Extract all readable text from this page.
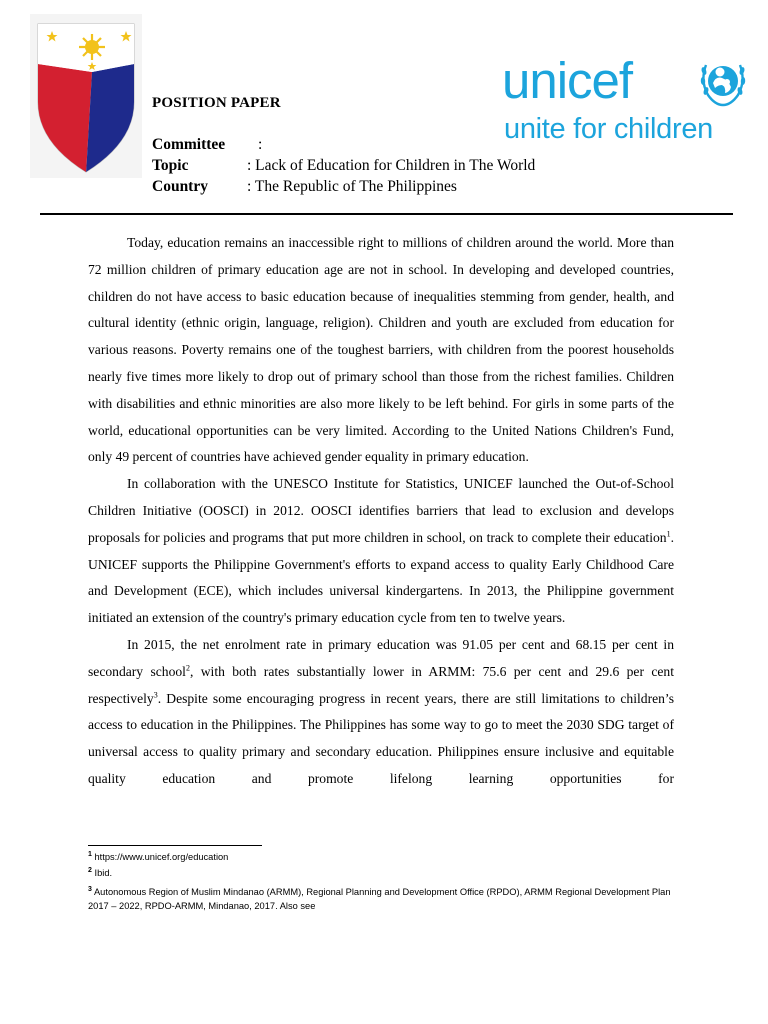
POSITION PAPER
Committee :
Topic	: Lack of Education for Children in The World
Country	: The Republic of The Philippines
unicef
unite for children

Today, education remains an inaccessible right to millions of children around the world. More than 72 million children of primary education age are not in school. In developing and developed countries, children do not have access to basic education because of inequalities stemming from gender, health, and cultural identity (ethnic origin, language, religion). Children and youth are excluded from education for various reasons. Poverty remains one of the toughest barriers, with children from the poorest households nearly five times more likely to drop out of primary school than those from the richest families. Children with disabilities and ethnic minorities are also more likely to be left behind. For girls in some parts of the world, educational opportunities can be very limited. According to the United Nations Children's Fund, only 49 percent of countries have achieved gender equality in primary education.

In collaboration with the UNESCO Institute for Statistics, UNICEF launched the Out-of-School Children Initiative (OOSCI) in 2012. OOSCI identifies barriers that lead to exclusion and develops proposals for policies and programs that put more children in school, on track to complete their education$^1$. UNICEF supports the Philippine Government's efforts to expand access to quality Early Childhood Care and Development (ECE), which includes universal kindergartens. In 2013, the Philippine government initiated an extension of the country's primary education cycle from ten to twelve years.

In 2015, the net enrolment rate in primary education was 91.05 per cent and 68.15 per cent in secondary school$^2$, with both rates substantially lower in ARMM: 75.6 per cent and 29.6 per cent respectively$^3$. Despite some encouraging progress in recent years, there are still limitations to children’s access to education in the Philippines. The Philippines has some way to go to meet the 2030 SDG target of universal access to quality primary and secondary education. Philippines ensure inclusive and equitable quality education and promote lifelong learning opportunities for

$^1$ https://www.unicef.org/education
$^2$ Ibid.
$^3$ Autonomous Region of Muslim Mindanao (ARMM), Regional Planning and Development Office (RPDO), ARMM Regional Development Plan 2017 – 2022, RPDO-ARMM, Mindanao, 2017. Also see
